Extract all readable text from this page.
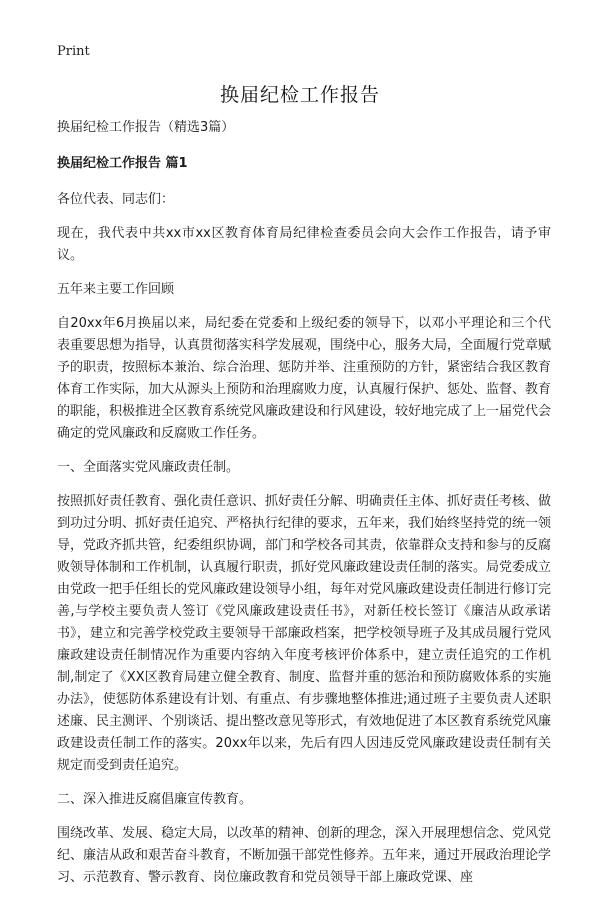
Print
换届纪检工作报告

换届纪检工作报告（精选3篇）

换届纪检工作报告 篇1

各位代表、同志们：

现在，我代表中共xx市xx区教育体育局纪律检查委员会向大会作工作报告，请予审议。

五年来主要工作回顾

自20xx年6月换届以来，局纪委在党委和上级纪委的领导下，以邓小平理论和三个代表重要思想为指导，认真贯彻落实科学发展观，围绕中心，服务大局，全面履行党章赋予的职责，按照标本兼治、综合治理、惩防并举、注重预防的方针，紧密结合我区教育体育工作实际，加大从源头上预防和治理腐败力度，认真履行保护、惩处、监督、教育的职能，积极推进全区教育系统党风廉政建设和行风建设，较好地完成了上一届党代会确定的党风廉政和反腐败工作任务。

一、全面落实党风廉政责任制。

按照抓好责任教育、强化责任意识、抓好责任分解、明确责任主体、抓好责任考核、做到功过分明、抓好责任追究、严格执行纪律的要求，五年来，我们始终坚持党的统一领导，党政齐抓共管，纪委组织协调，部门和学校各司其责，依靠群众支持和参与的反腐败领导体制和工作机制，认真履行职责，抓好党风廉政建设责任制的落实。局党委成立由党政一把手任组长的党风廉政建设领导小组，每年对党风廉政建设责任制进行修订完善,与学校主要负责人签订《党风廉政建设责任书》，对新任校长签订《廉洁从政承诺书》，建立和完善学校党政主要领导干部廉政档案，把学校领导班子及其成员履行党风廉政建设责任制情况作为重要内容纳入年度考核评价体系中，建立责任追究的工作机制,制定了《XX区教育局建立健全教育、制度、监督并重的惩治和预防腐败体系的实施办法》，使惩防体系建设有计划、有重点、有步骤地整体推进;通过班子主要负责人述职述廉、民主测评、个别谈话、提出整改意见等形式，有效地促进了本区教育系统党风廉政建设责任制工作的落实。20xx年以来，先后有四人因违反党风廉政建设责任制有关规定而受到责任追究。

二、深入推进反腐倡廉宣传教育。

围绕改革、发展、稳定大局，以改革的精神、创新的理念，深入开展理想信念、党风党纪、廉洁从政和艰苦奋斗教育，不断加强干部党性修养。五年来，通过开展政治理论学习、示范教育、警示教育、岗位廉政教育和党员领导干部上廉政党课、座
